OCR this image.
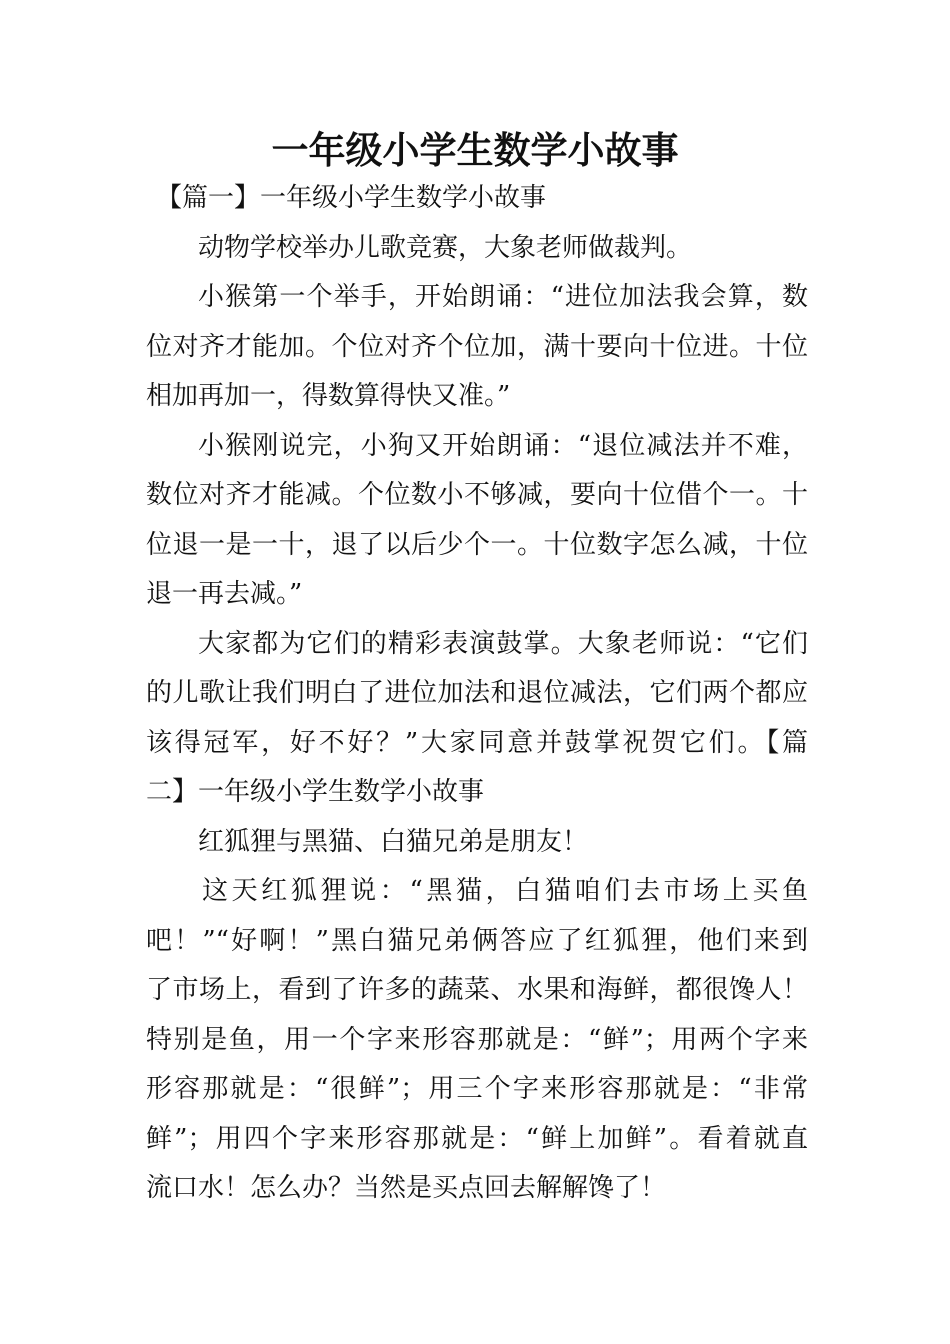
一年级小学生数学小故事
【篇一】一年级小学生数学小故事
动物学校举办儿歌竞赛，大象老师做裁判。
小猴第一个举手，开始朗诵：“进位加法我会算，数
位对齐才能加。个位对齐个位加，满十要向十位进。十位
相加再加一，得数算得快又准。”
小猴刚说完，小狗又开始朗诵：“退位减法并不难，
数位对齐才能减。个位数小不够减，要向十位借个一。十
位退一是一十，退了以后少个一。十位数字怎么减，十位
退一再去减。”
大家都为它们的精彩表演鼓掌。大象老师说：“它们
的儿歌让我们明白了进位加法和退位减法，它们两个都应
该得冠军，好不好？”大家同意并鼓掌祝贺它们。【篇
二】一年级小学生数学小故事
红狐狸与黑猫、白猫兄弟是朋友！
这天红狐狸说：“黑猫，白猫咱们去市场上买鱼
吧！”“好啊！”黑白猫兄弟俩答应了红狐狸，他们来到
了市场上，看到了许多的蔬菜、水果和海鲜，都很馋人！
特别是鱼，用一个字来形容那就是：“鲜”；用两个字来
形容那就是：“很鲜”；用三个字来形容那就是：“非常
鲜”；用四个字来形容那就是：“鲜上加鲜”。看着就直
流口水！怎么办？当然是买点回去解解馋了！
